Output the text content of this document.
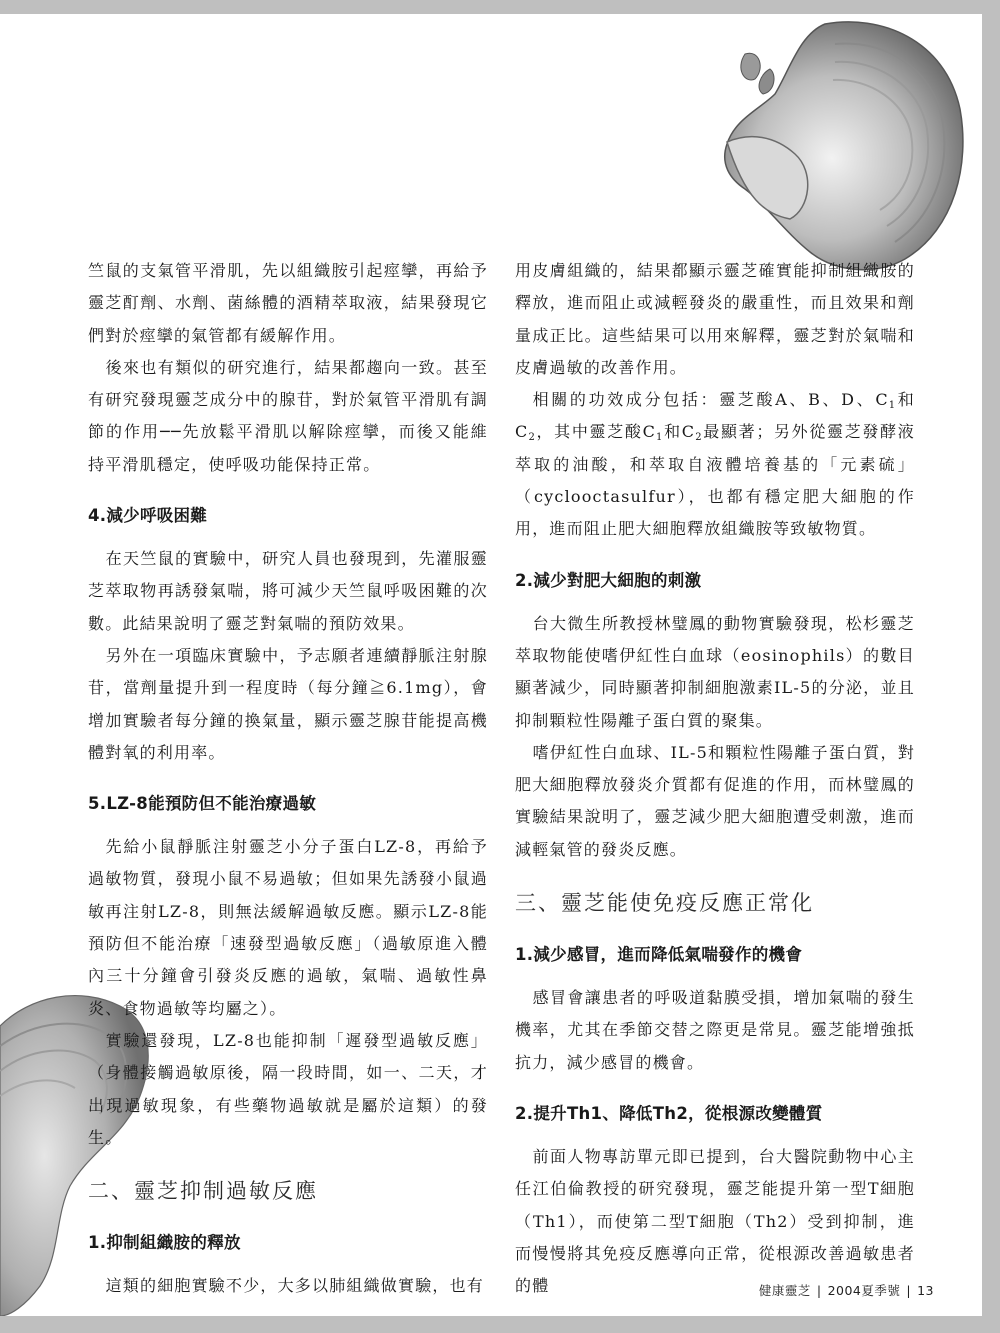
竺鼠的支氣管平滑肌，先以組織胺引起痙攣，再給予靈芝酊劑、水劑、菌絲體的酒精萃取液，結果發現它們對於痙攣的氣管都有緩解作用。

後來也有類似的研究進行，結果都趨向一致。甚至有研究發現靈芝成分中的腺苷，對於氣管平滑肌有調節的作用──先放鬆平滑肌以解除痙攣，而後又能維持平滑肌穩定，使呼吸功能保持正常。

4.減少呼吸困難

在天竺鼠的實驗中，研究人員也發現到，先灌服靈芝萃取物再誘發氣喘，將可減少天竺鼠呼吸困難的次數。此結果說明了靈芝對氣喘的預防效果。

另外在一項臨床實驗中，予志願者連續靜脈注射腺苷，當劑量提升到一程度時（每分鐘≧6.1mg），會增加實驗者每分鐘的換氣量，顯示靈芝腺苷能提高機體對氧的利用率。

5.LZ-8能預防但不能治療過敏

先給小鼠靜脈注射靈芝小分子蛋白LZ-8，再給予過敏物質，發現小鼠不易過敏；但如果先誘發小鼠過敏再注射LZ-8，則無法緩解過敏反應。顯示LZ-8能預防但不能治療「速發型過敏反應」（過敏原進入體內三十分鐘會引發炎反應的過敏，氣喘、過敏性鼻炎、食物過敏等均屬之）。

實驗還發現，LZ-8也能抑制「遲發型過敏反應」（身體接觸過敏原後，隔一段時間，如一、二天，才出現過敏現象，有些藥物過敏就是屬於這類）的發生。

二、靈芝抑制過敏反應
1.抑制組織胺的釋放

這類的細胞實驗不少，大多以肺組織做實驗，也有

用皮膚組織的，結果都顯示靈芝確實能抑制組織胺的釋放，進而阻止或減輕發炎的嚴重性，而且效果和劑量成正比。這些結果可以用來解釋，靈芝對於氣喘和皮膚過敏的改善作用。

相關的功效成分包括：靈芝酸A、B、D、$C_1$和$C_2$，其中靈芝酸$C_1$和$C_2$最顯著；另外從靈芝發酵液萃取的油酸，和萃取自液體培養基的「元素硫」（cyclooctasulfur），也都有穩定肥大細胞的作用，進而阻止肥大細胞釋放組織胺等致敏物質。

2.減少對肥大細胞的刺激

台大微生所教授林璧鳳的動物實驗發現，松杉靈芝萃取物能使嗜伊紅性白血球（eosinophils）的數目顯著減少，同時顯著抑制細胞激素IL-5的分泌，並且抑制顆粒性陽離子蛋白質的聚集。

嗜伊紅性白血球、IL-5和顆粒性陽離子蛋白質，對肥大細胞釋放發炎介質都有促進的作用，而林璧鳳的實驗結果說明了，靈芝減少肥大細胞遭受刺激，進而減輕氣管的發炎反應。

三、靈芝能使免疫反應正常化
1.減少感冒，進而降低氣喘發作的機會

感冒會讓患者的呼吸道黏膜受損，增加氣喘的發生機率，尤其在季節交替之際更是常見。靈芝能增強抵抗力，減少感冒的機會。

2.提升Th1、降低Th2，從根源改變體質

前面人物專訪單元即已提到，台大醫院動物中心主任江伯倫教授的研究發現，靈芝能提升第一型T細胞（Th1），而使第二型T細胞（Th2）受到抑制，進而慢慢將其免疫反應導向正常，從根源改善過敏患者的體	健康靈芝 | 2004夏季號 | 13
